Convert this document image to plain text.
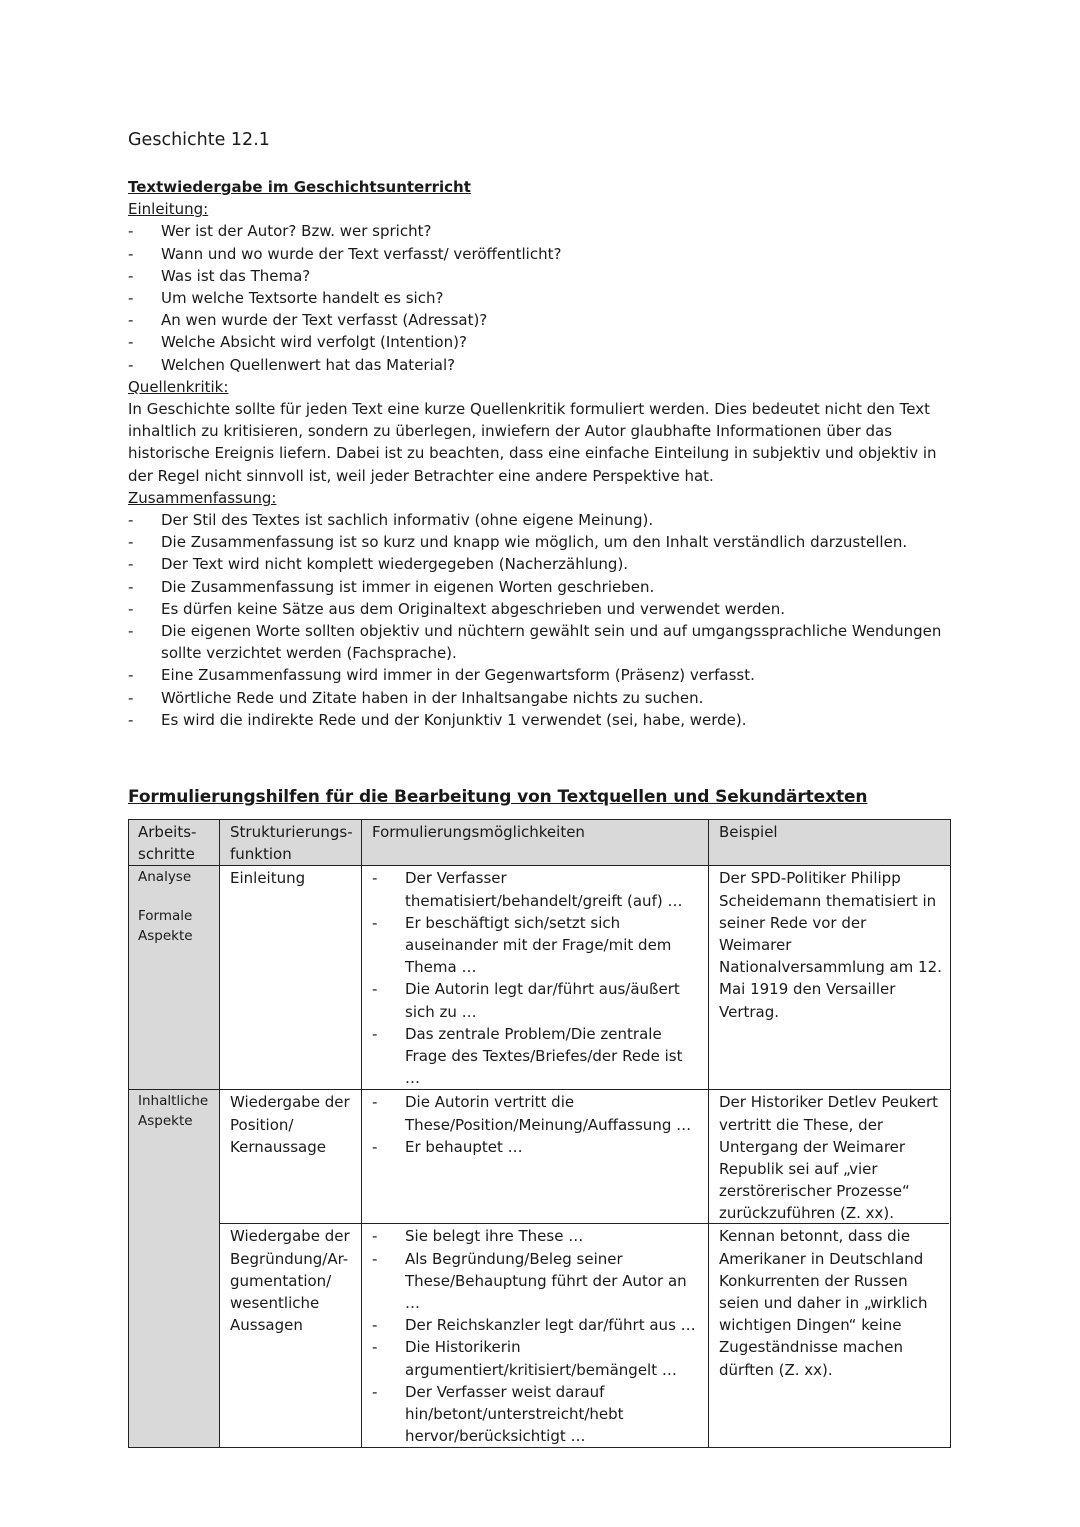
Geschichte 12.1
Textwiedergabe im Geschichtsunterricht
Einleitung:
- Wer ist der Autor? Bzw. wer spricht?
- Wann und wo wurde der Text verfasst/ veröffentlicht?
- Was ist das Thema?
- Um welche Textsorte handelt es sich?
- An wen wurde der Text verfasst (Adressat)?
- Welche Absicht wird verfolgt (Intention)?
- Welchen Quellenwert hat das Material?
Quellenkritik:

In Geschichte sollte für jeden Text eine kurze Quellenkritik formuliert werden. Dies bedeutet nicht den Text inhaltlich zu kritisieren, sondern zu überlegen, inwiefern der Autor glaubhafte Informationen über das historische Ereignis liefern. Dabei ist zu beachten, dass eine einfache Einteilung in subjektiv und objektiv in der Regel nicht sinnvoll ist, weil jeder Betrachter eine andere Perspektive hat.

Zusammenfassung:
- Der Stil des Textes ist sachlich informativ (ohne eigene Meinung).
- Die Zusammenfassung ist so kurz und knapp wie möglich, um den Inhalt verständlich darzustellen.
- Der Text wird nicht komplett wiedergegeben (Nacherzählung).
- Die Zusammenfassung ist immer in eigenen Worten geschrieben.
- Es dürfen keine Sätze aus dem Originaltext abgeschrieben und verwendet werden.
- Die eigenen Worte sollten objektiv und nüchtern gewählt sein und auf umgangssprachliche Wendungen sollte verzichtet werden (Fachsprache).
- Eine Zusammenfassung wird immer in der Gegenwartsform (Präsenz) verfasst.
- Wörtliche Rede und Zitate haben in der Inhaltsangabe nichts zu suchen.
- Es wird die indirekte Rede und der Konjunktiv 1 verwendet (sei, habe, werde).
Formulierungshilfen für die Bearbeitung von Textquellen und Sekundärtexten
Arbeits-schritte
Strukturierungs-funktion
Formulierungsmöglichkeiten	Beispiel
Analyse

Formale Aspekte
Einleitung
-	Der Verfasser thematisiert/behandelt/greift (auf) …
- Er beschäftigt sich/setzt sich auseinander mit der Frage/mit dem Thema …
- Die Autorin legt dar/führt aus/äußert sich zu …
- Das zentrale Problem/Die zentrale Frage des Textes/Briefes/der Rede ist …
Der SPD-Politiker Philipp Scheidemann thematisiert in seiner Rede vor der Weimarer Nationalversammlung am 12. Mai 1919 den Versailler Vertrag.
Inhaltliche Aspekte
Wiedergabe der Position/ Kernaussage
- Die Autorin vertritt die These/Position/Meinung/Auffassung …
- Er behauptet …
Der Historiker Detlev Peukert vertritt die These, der Untergang der Weimarer Republik sei auf „vier zerstörerischer Prozesse“ zurückzuführen (Z. xx).
Wiedergabe der Begründung/Ar-gumentation/ wesentliche Aussagen
- Sie belegt ihre These …
- Als Begründung/Beleg seiner These/Behauptung führt der Autor an …
- Der Reichskanzler legt dar/führt aus …
- Die Historikerin argumentiert/kritisiert/bemängelt …
- Der Verfasser weist darauf hin/betont/unterstreicht/hebt hervor/berücksichtigt …
Kennan betonnt, dass die Amerikaner in Deutschland Konkurrenten der Russen seien und daher in „wirklich wichtigen Dingen“ keine Zugeständnisse machen dürften (Z. xx).
